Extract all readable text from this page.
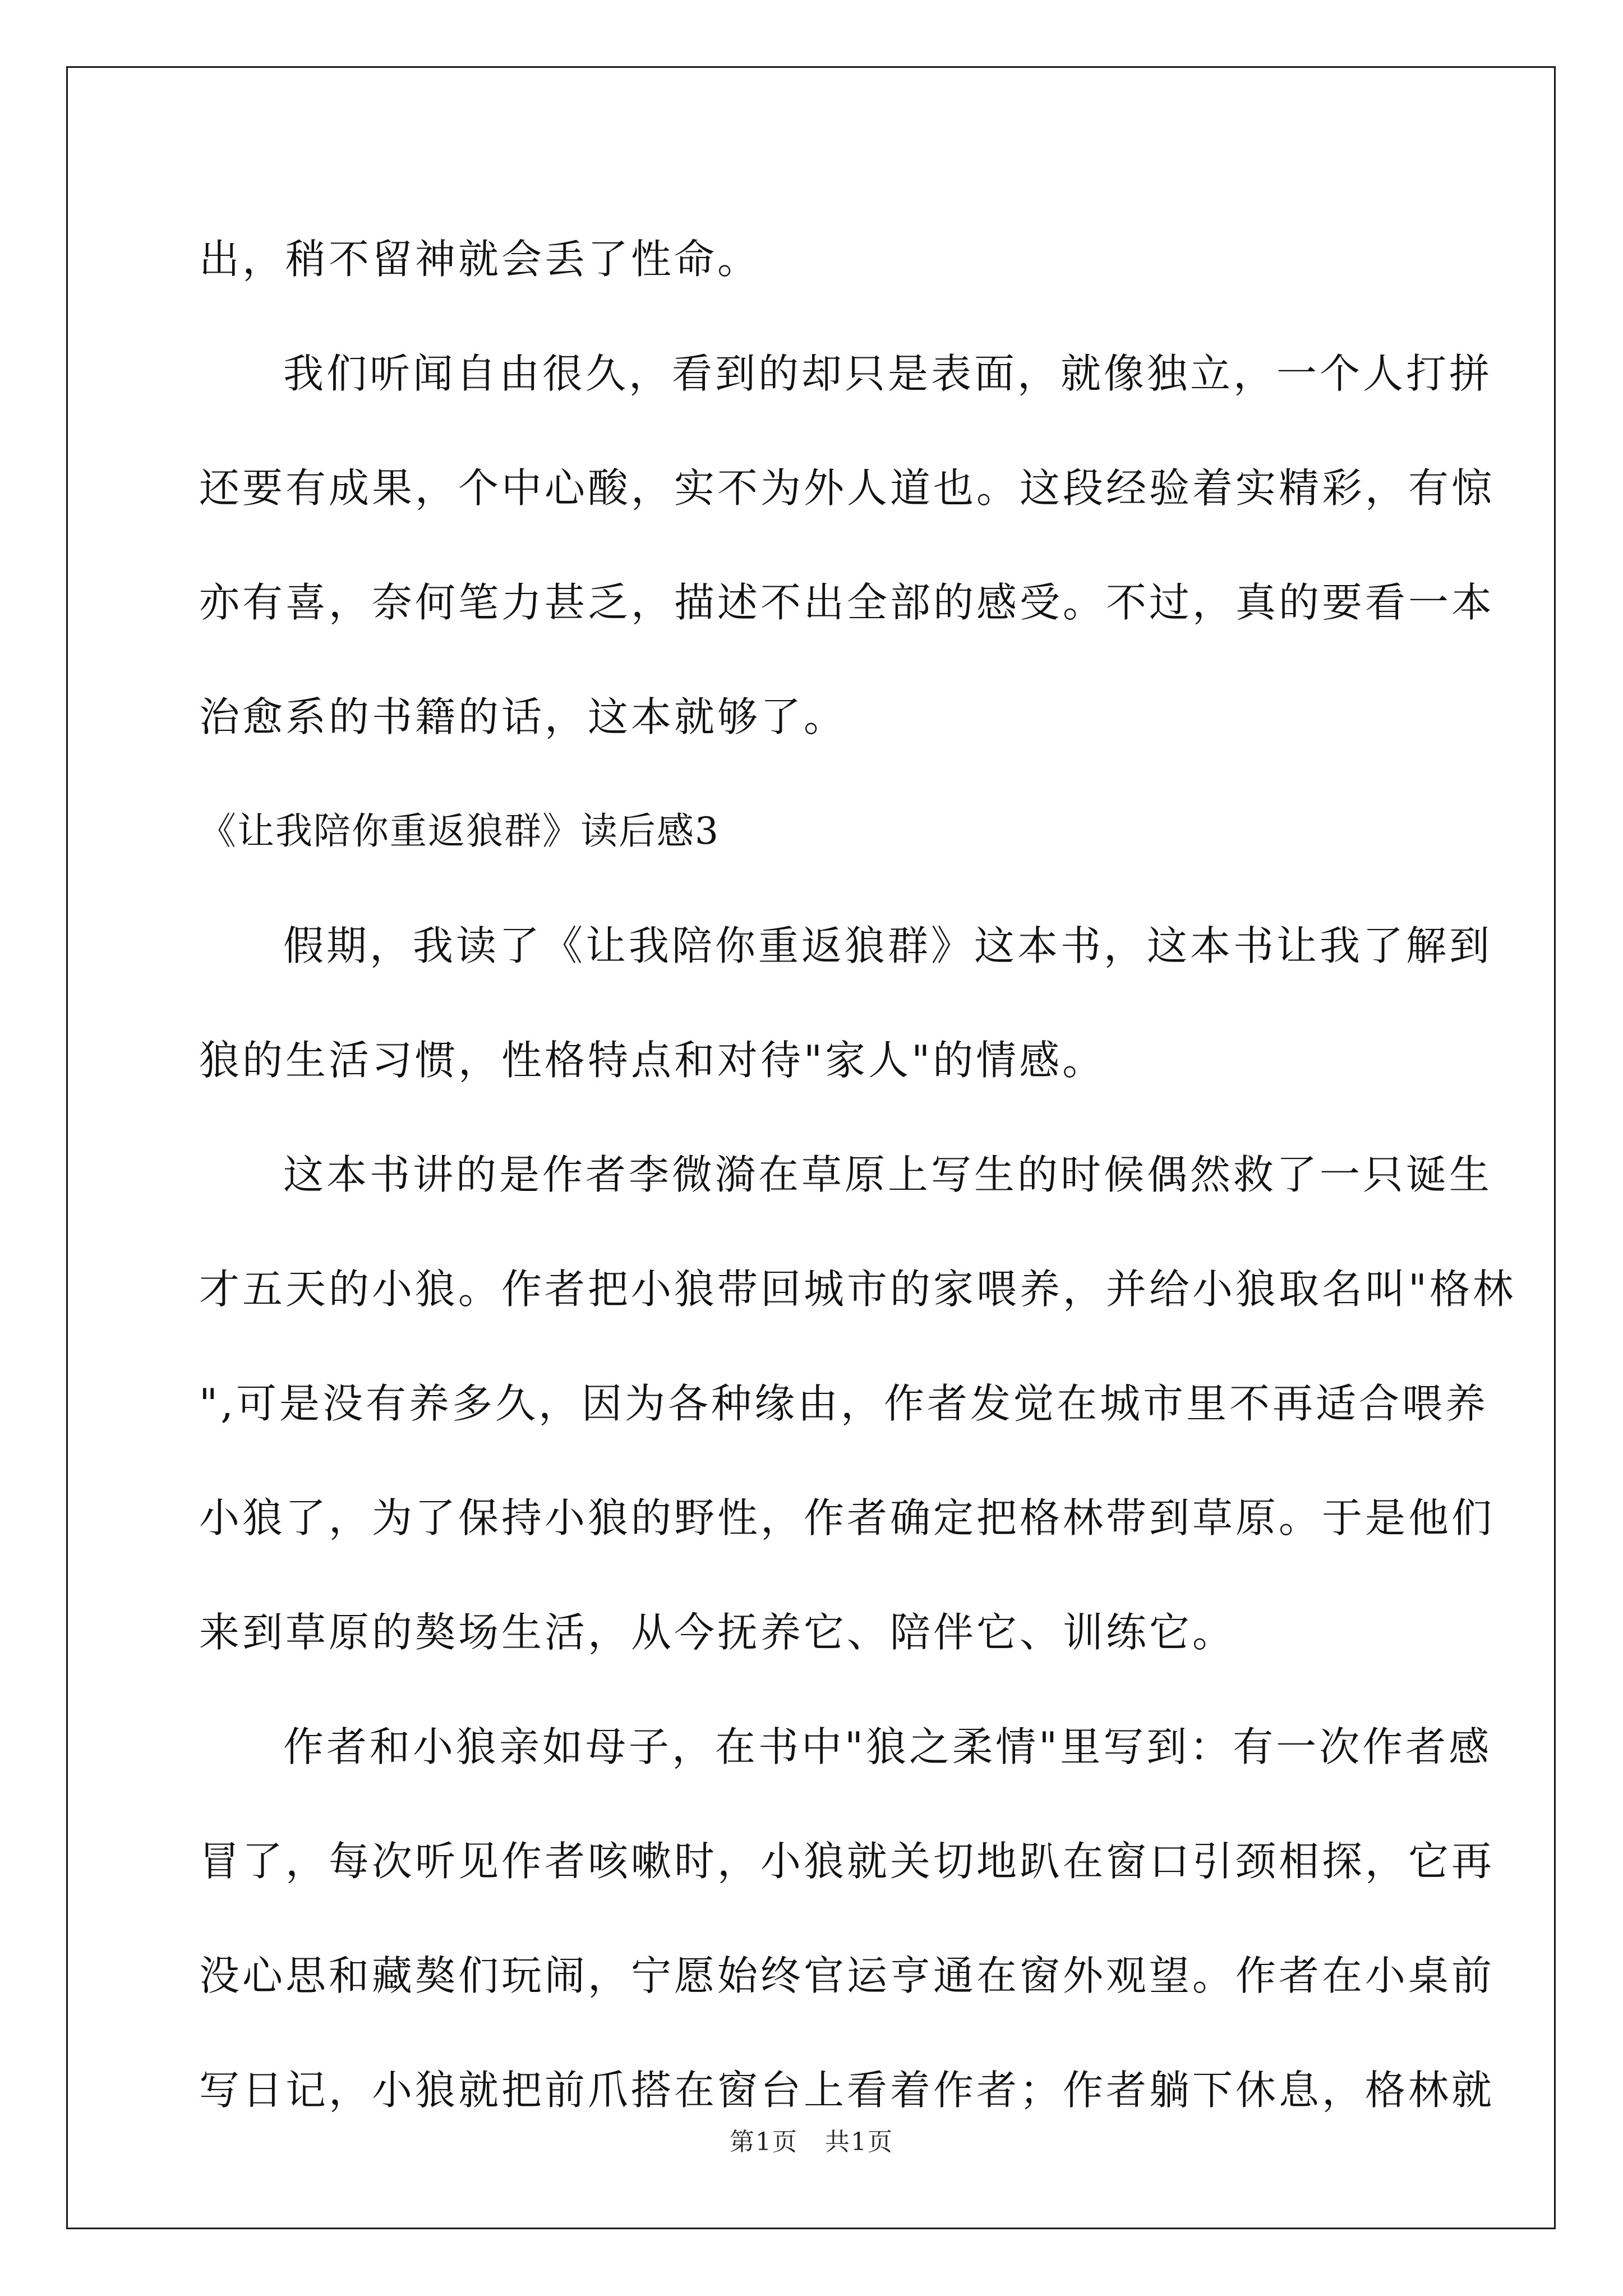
出，稍不留神就会丢了性命。
我们听闻自由很久，看到的却只是表面，就像独立，一个人打拼
还要有成果，个中心酸，实不为外人道也。这段经验着实精彩，有惊
亦有喜，奈何笔力甚乏，描述不出全部的感受。不过，真的要看一本
治愈系的书籍的话，这本就够了。
《让我陪你重返狼群》读后感3
假期，我读了《让我陪你重返狼群》这本书，这本书让我了解到
狼的生活习惯，性格特点和对待"家人"的情感。
这本书讲的是作者李微漪在草原上写生的时候偶然救了一只诞生
才五天的小狼。作者把小狼带回城市的家喂养，并给小狼取名叫"格林
",可是没有养多久，因为各种缘由，作者发觉在城市里不再适合喂养
小狼了，为了保持小狼的野性，作者确定把格林带到草原。于是他们
来到草原的獒场生活，从今抚养它、陪伴它、训练它。
作者和小狼亲如母子，在书中"狼之柔情"里写到：有一次作者感
冒了，每次听见作者咳嗽时，小狼就关切地趴在窗口引颈相探，它再
没心思和藏獒们玩闹，宁愿始终官运亨通在窗外观望。作者在小桌前
写日记，小狼就把前爪搭在窗台上看着作者；作者躺下休息，格林就
第1页 共1页
